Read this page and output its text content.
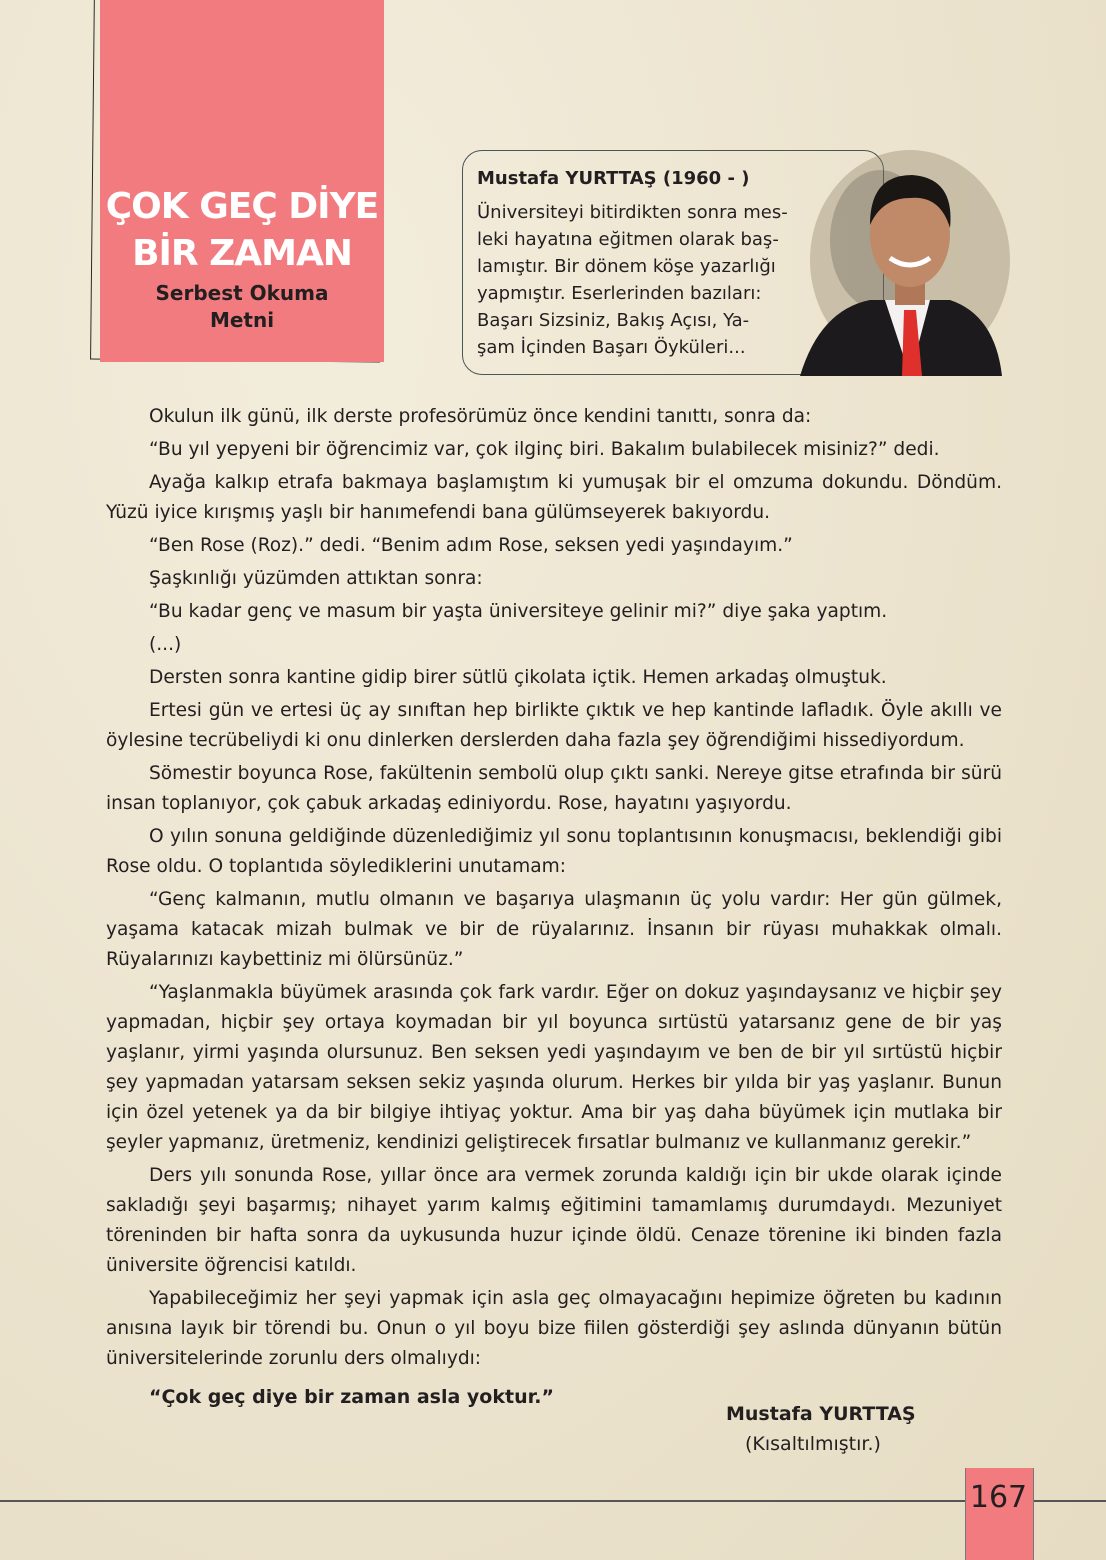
ÇOK GEÇ DİYE
BİR ZAMAN
Serbest Okuma
Metni
Mustafa YURTTAŞ (1960 - )
Üniversiteyi bitirdikten sonra mes-
leki hayatına eğitmen olarak baş-
lamıştır. Bir dönem köşe yazarlığı
yapmıştır. Eserlerinden bazıları:
Başarı Sizsiniz, Bakış Açısı, Ya-
şam İçinden Başarı Öyküleri...

Okulun ilk günü, ilk derste profesörümüz önce kendini tanıttı, sonra da:

“Bu yıl yepyeni bir öğrencimiz var, çok ilginç biri. Bakalım bulabilecek misiniz?” dedi.

Ayağa kalkıp etrafa bakmaya başlamıştım ki yumuşak bir el omzuma dokundu. Döndüm. Yüzü iyice kırışmış yaşlı bir hanımefendi bana gülümseyerek bakıyordu.

“Ben Rose (Roz).” dedi. “Benim adım Rose, seksen yedi yaşındayım.”

Şaşkınlığı yüzümden attıktan sonra:

“Bu kadar genç ve masum bir yaşta üniversiteye gelinir mi?” diye şaka yaptım.

(...)

Dersten sonra kantine gidip birer sütlü çikolata içtik. Hemen arkadaş olmuştuk.

Ertesi gün ve ertesi üç ay sınıftan hep birlikte çıktık ve hep kantinde lafladık. Öyle akıllı ve öylesine tecrübeliydi ki onu dinlerken derslerden daha fazla şey öğrendiğimi hissediyordum.

Sömestir boyunca Rose, fakültenin sembolü olup çıktı sanki. Nereye gitse etrafında bir sürü insan toplanıyor, çok çabuk arkadaş ediniyordu. Rose, hayatını yaşıyordu.

O yılın sonuna geldiğinde düzenlediğimiz yıl sonu toplantısının konuşmacısı, beklendiği gibi Rose oldu. O toplantıda söylediklerini unutamam:

“Genç kalmanın, mutlu olmanın ve başarıya ulaşmanın üç yolu vardır: Her gün gülmek, yaşama katacak mizah bulmak ve bir de rüyalarınız. İnsanın bir rüyası muhakkak olmalı. Rüyalarınızı kaybettiniz mi ölürsünüz.”

“Yaşlanmakla büyümek arasında çok fark vardır. Eğer on dokuz yaşındaysanız ve hiçbir şey yapmadan, hiçbir şey ortaya koymadan bir yıl boyunca sırtüstü yatarsanız gene de bir yaş yaşlanır, yirmi yaşında olursunuz. Ben seksen yedi yaşındayım ve ben de bir yıl sırtüstü hiçbir şey yapmadan yatarsam seksen sekiz yaşında olurum. Herkes bir yılda bir yaş yaşlanır. Bunun için özel yetenek ya da bir bilgiye ihtiyaç yoktur. Ama bir yaş daha büyümek için mutlaka bir şeyler yapmanız, üretmeniz, kendinizi geliştirecek fırsatlar bulmanız ve kullanmanız gerekir.”

Ders yılı sonunda Rose, yıllar önce ara vermek zorunda kaldığı için bir ukde olarak içinde sakladığı şeyi başarmış; nihayet yarım kalmış eğitimini tamamlamış durumdaydı. Mezuniyet töreninden bir hafta sonra da uykusunda huzur içinde öldü. Cenaze törenine iki binden fazla üniversite öğrencisi katıldı.

Yapabileceğimiz her şeyi yapmak için asla geç olmayacağını hepimize öğreten bu kadının anısına layık bir törendi bu. Onun o yıl boyu bize fiilen gösterdiği şey aslında dünyanın bütün üniversitelerinde zorunlu ders olmalıydı:

“Çok geç diye bir zaman asla yoktur.”
Mustafa YURTTAŞ
(Kısaltılmıştır.)
167
